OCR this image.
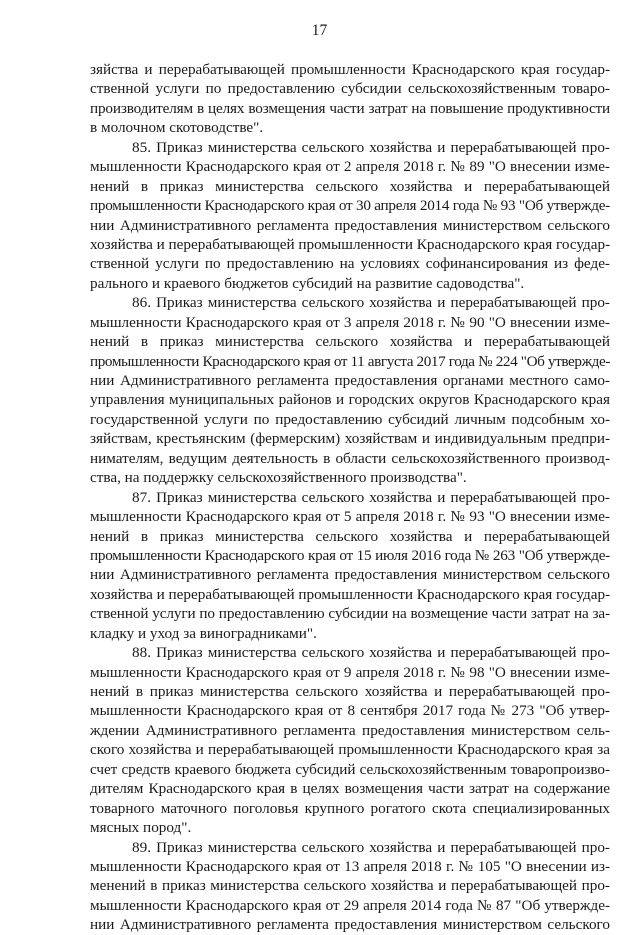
17
зяйства и перерабатывающей промышленности Краснодарского края государ-
ственной услуги по предоставлению субсидии сельскохозяйственным товаро-
производителям в целях возмещения части затрат на повышение продуктивности
в молочном скотоводстве".
85. Приказ министерства сельского хозяйства и перерабатывающей про-
мышленности Краснодарского края от 2 апреля 2018 г. № 89 "О внесении изме-
нений в приказ министерства сельского хозяйства и перерабатывающей
промышленности Краснодарского края от 30 апреля 2014 года № 93 "Об утвержде-
нии Административного регламента предоставления министерством сельского
хозяйства и перерабатывающей промышленности Краснодарского края государ-
ственной услуги по предоставлению на условиях софинансирования из феде-
рального и краевого бюджетов субсидий на развитие садоводства".
86. Приказ министерства сельского хозяйства и перерабатывающей про-
мышленности Краснодарского края от 3 апреля 2018 г. № 90 "О внесении изме-
нений в приказ министерства сельского хозяйства и перерабатывающей
промышленности Краснодарского края от 11 августа 2017 года № 224 "Об утвержде-
нии Административного регламента предоставления органами местного само-
управления муниципальных районов и городских округов Краснодарского края
государственной услуги по предоставлению субсидий личным подсобным хо-
зяйствам, крестьянским (фермерским) хозяйствам и индивидуальным предпри-
нимателям, ведущим деятельность в области сельскохозяйственного производ-
ства, на поддержку сельскохозяйственного производства".
87. Приказ министерства сельского хозяйства и перерабатывающей про-
мышленности Краснодарского края от 5 апреля 2018 г. № 93 "О внесении изме-
нений в приказ министерства сельского хозяйства и перерабатывающей
промышленности Краснодарского края от 15 июля 2016 года № 263 "Об утвержде-
нии Административного регламента предоставления министерством сельского
хозяйства и перерабатывающей промышленности Краснодарского края государ-
ственной услуги по предоставлению субсидии на возмещение части затрат на за-
кладку и уход за виноградниками".
88. Приказ министерства сельского хозяйства и перерабатывающей про-
мышленности Краснодарского края от 9 апреля 2018 г. № 98 "О внесении изме-
нений в приказ министерства сельского хозяйства и перерабатывающей про-
мышленности Краснодарского края от 8 сентября 2017 года № 273 "Об утвер-
ждении Административного регламента предоставления министерством сель-
ского хозяйства и перерабатывающей промышленности Краснодарского края за
счет средств краевого бюджета субсидий сельскохозяйственным товаропроизво-
дителям Краснодарского края в целях возмещения части затрат на содержание
товарного маточного поголовья крупного рогатого скота специализированных
мясных пород".
89. Приказ министерства сельского хозяйства и перерабатывающей про-
мышленности Краснодарского края от 13 апреля 2018 г. № 105 "О внесении из-
менений в приказ министерства сельского хозяйства и перерабатывающей про-
мышленности Краснодарского края от 29 апреля 2014 года № 87 "Об утвержде-
нии Административного регламента предоставления министерством сельского
